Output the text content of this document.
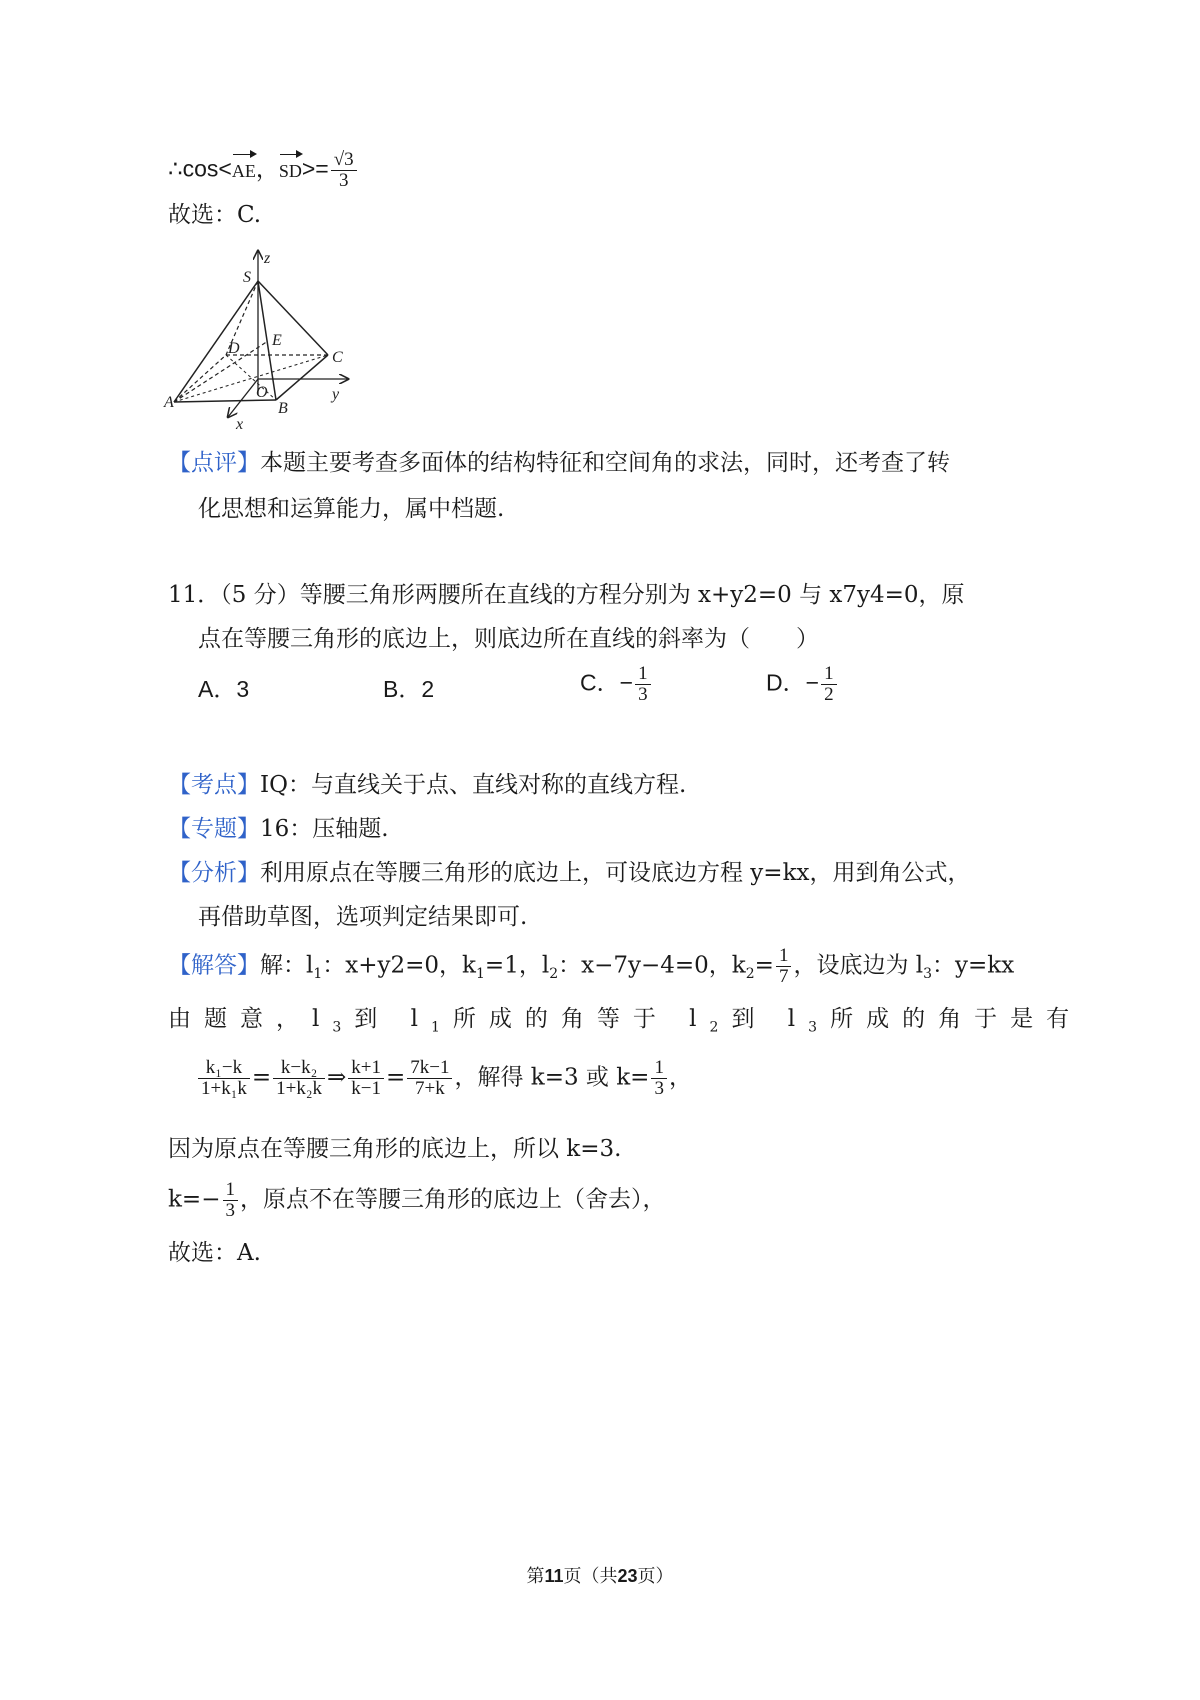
∴cos<AE，$SD>= \frac{√3}{3}$
故选：C.
z
S
E
D
C
O
A	B
y
x
【点评】本题主要考查多面体的结构特征和空间角的求法，同时，还考查了转
化思想和运算能力，属中档题.
11．（5 分）等腰三角形两腰所在直线的方程分别为 x+y2=0 与 x7y4=0，原
点在等腰三角形的底边上，则底边所在直线的斜率为（　　）
A．3	B．2	C．− $\frac{1}{3}$	D．− $\frac{1}{2}$
【考点】IQ：与直线关于点、直线对称的直线方程.
【专题】16：压轴题.
【分析】利用原点在等腰三角形的底边上，可设底边方程 y=kx，用到角公式，
再借助草图，选项判定结果即可.
【解答】解：$l_1$：x+y2=0，$k_1=1$，$l_2$：x−7y−4=0，$k_2= \frac{1}{7}$ ，设底边为 $l_3$：y=kx
由题意，$l_3$到 $l_1$所成的角等于 $l_2$到 $l_3$所成的角于是有
$\frac{\text{k₁−k}}{\text{1+k₁k}} = \frac{\text{k−k₂}}{\text{1+k₂k}}$ ⇒ $\frac{k+1}{k-1} = \frac{7k-1}{7+k}$ ，解得 k=3 或 $k= \frac{1}{3}$ ，
因为原点在等腰三角形的底边上，所以 k=3.
$k=- \frac{1}{3}$ ，原点不在等腰三角形的底边上（舍去），
故选：A.
第11页（共23页）
